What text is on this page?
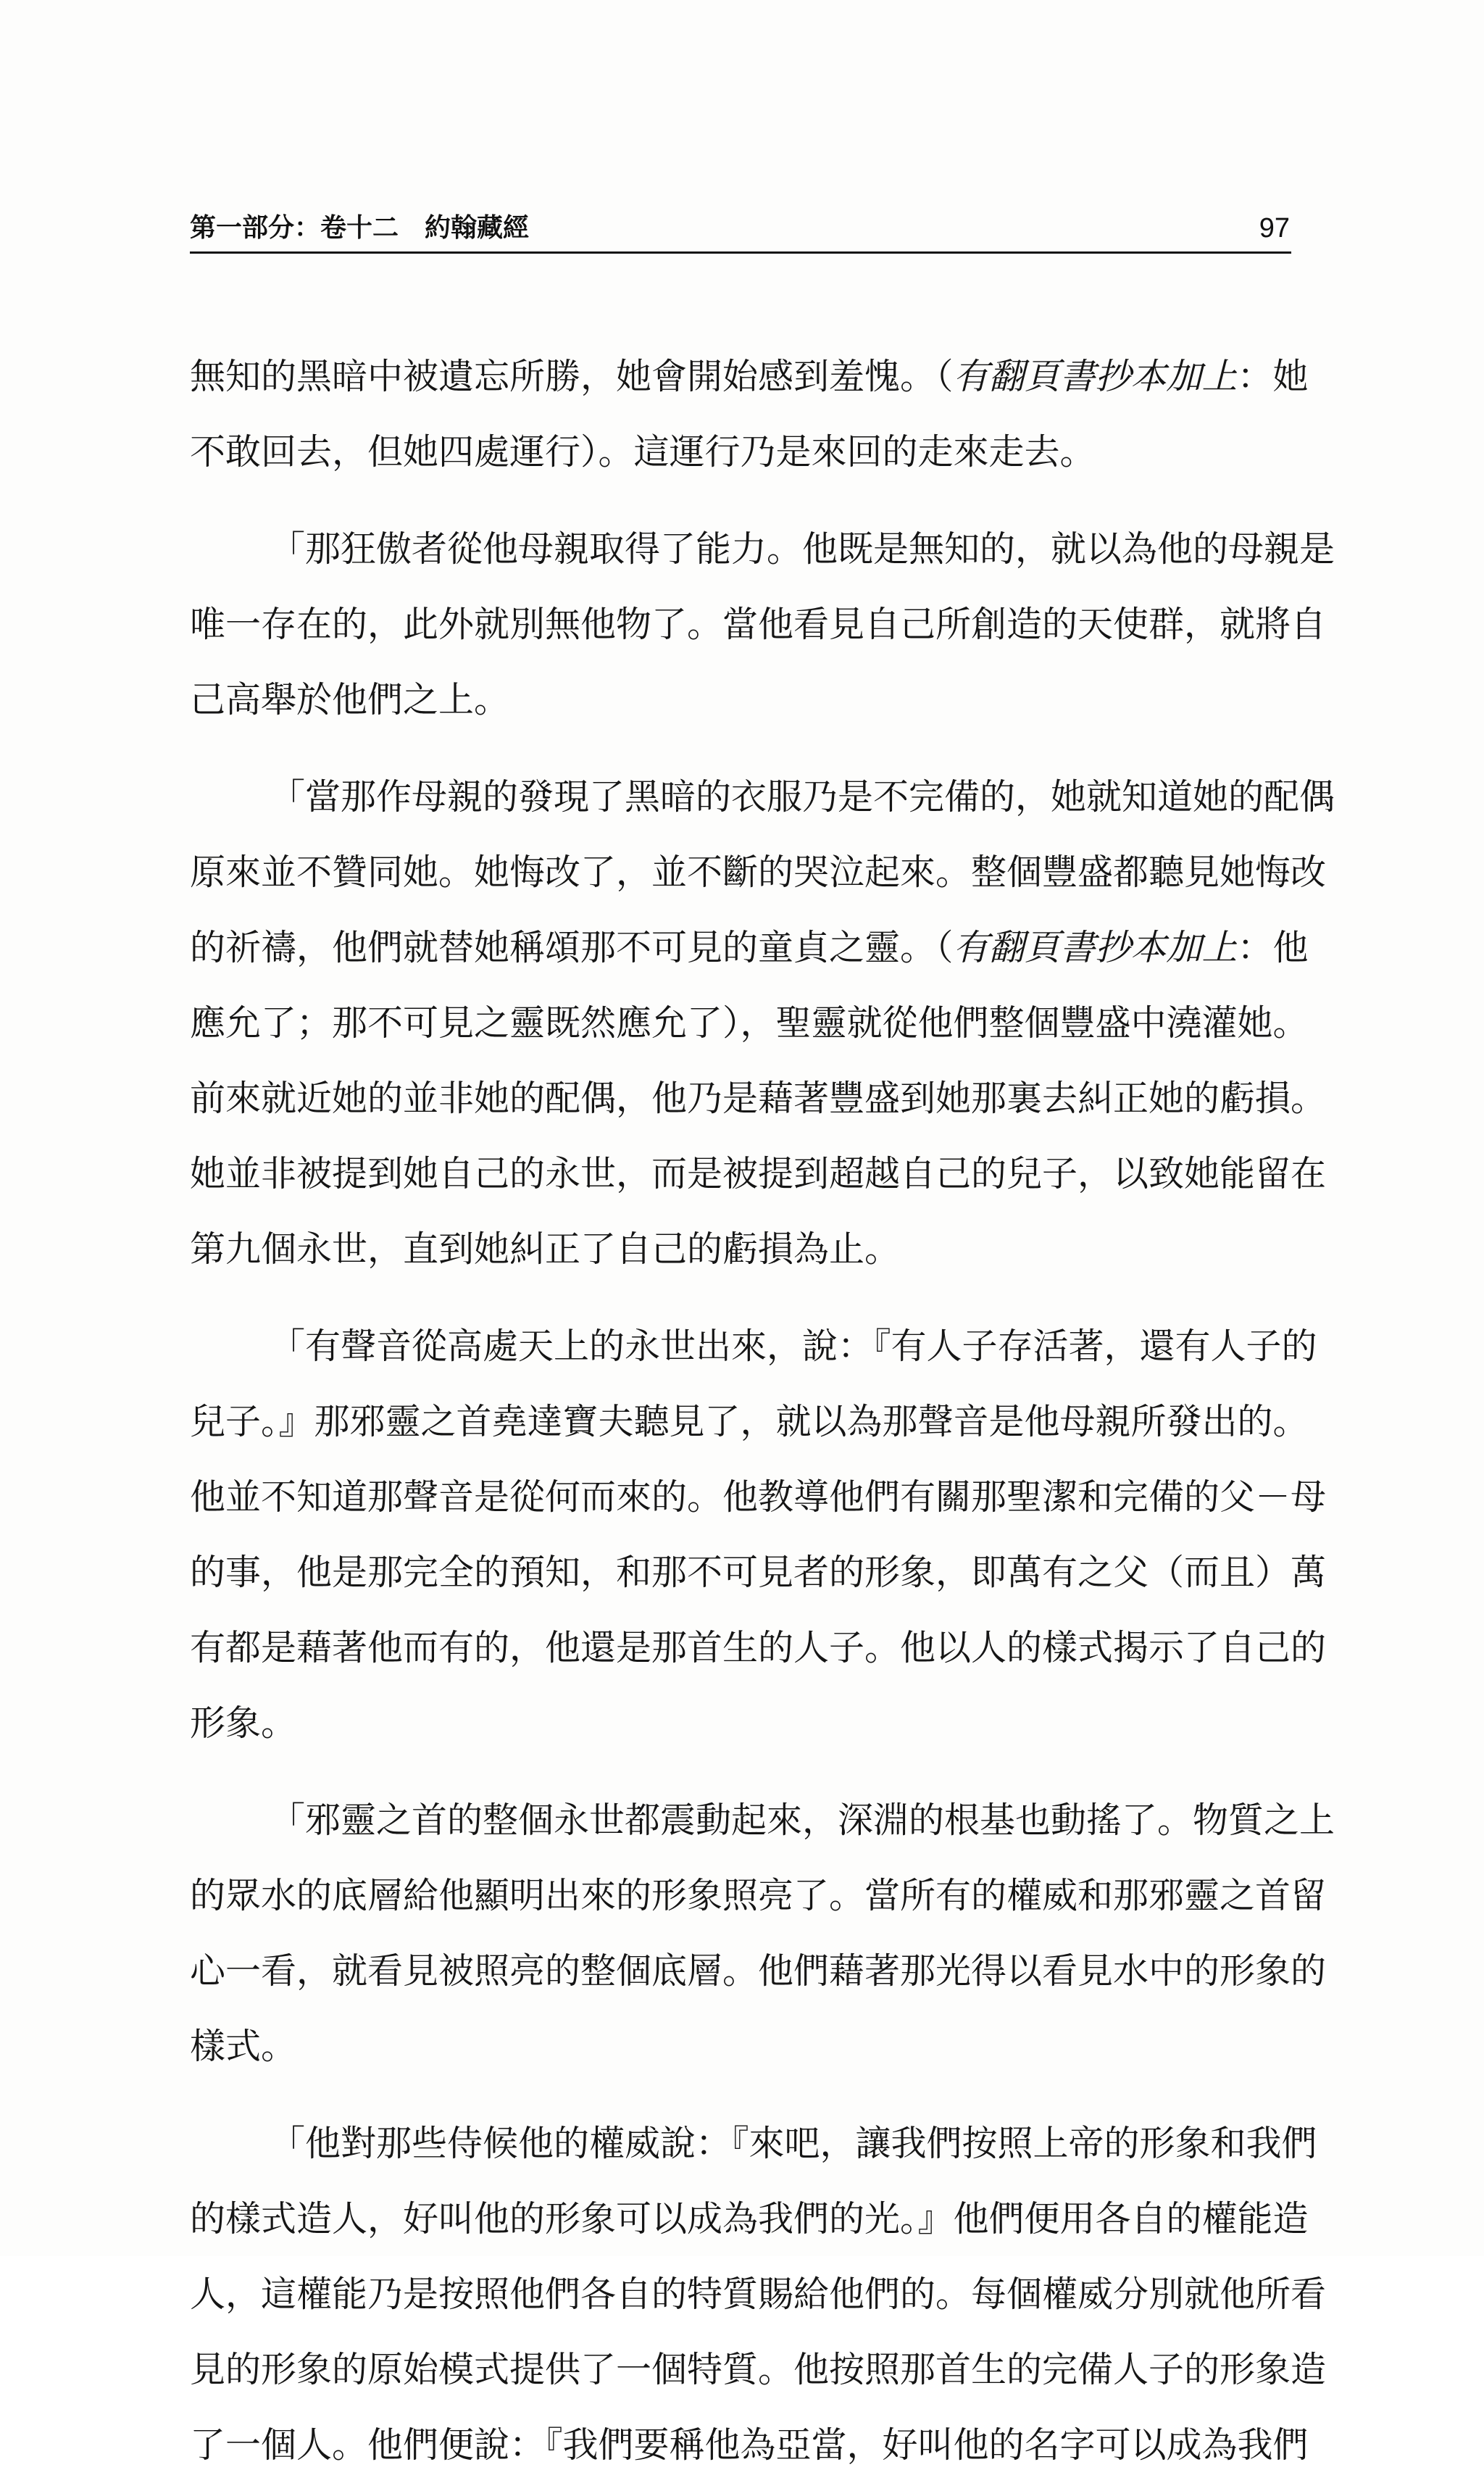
第一部分：卷十二　約翰藏經	97
無知的黑暗中被遺忘所勝，她會開始感到羞愧。（有翻頁書抄本加上：她
不敢回去，但她四處運行）。這運行乃是來回的走來走去。
「那狂傲者從他母親取得了能力。他既是無知的，就以為他的母親是
唯一存在的，此外就別無他物了。當他看見自己所創造的天使群，就將自
己高舉於他們之上。
「當那作母親的發現了黑暗的衣服乃是不完備的，她就知道她的配偶
原來並不贊同她。她悔改了，並不斷的哭泣起來。整個豐盛都聽見她悔改
的祈禱，他們就替她稱頌那不可見的童貞之靈。（有翻頁書抄本加上：他
應允了；那不可見之靈既然應允了），聖靈就從他們整個豐盛中澆灌她。
前來就近她的並非她的配偶，他乃是藉著豐盛到她那裏去糾正她的虧損。
她並非被提到她自己的永世，而是被提到超越自己的兒子，以致她能留在
第九個永世，直到她糾正了自己的虧損為止。
「有聲音從高處天上的永世出來，說：『有人子存活著，還有人子的
兒子。』那邪靈之首堯達寶夫聽見了，就以為那聲音是他母親所發出的。
他並不知道那聲音是從何而來的。他教導他們有關那聖潔和完備的父－母
的事，他是那完全的預知，和那不可見者的形象，即萬有之父（而且）萬
有都是藉著他而有的，他還是那首生的人子。他以人的樣式揭示了自己的
形象。
「邪靈之首的整個永世都震動起來，深淵的根基也動搖了。物質之上
的眾水的底層給他顯明出來的形象照亮了。當所有的權威和那邪靈之首留
心一看，就看見被照亮的整個底層。他們藉著那光得以看見水中的形象的
樣式。
「他對那些侍候他的權威說：『來吧，讓我們按照上帝的形象和我們
的樣式造人，好叫他的形象可以成為我們的光。』他們便用各自的權能造
人，這權能乃是按照他們各自的特質賜給他們的。每個權威分別就他所看
見的形象的原始模式提供了一個特質。他按照那首生的完備人子的形象造
了一個人。他們便說：『我們要稱他為亞當，好叫他的名字可以成為我們
